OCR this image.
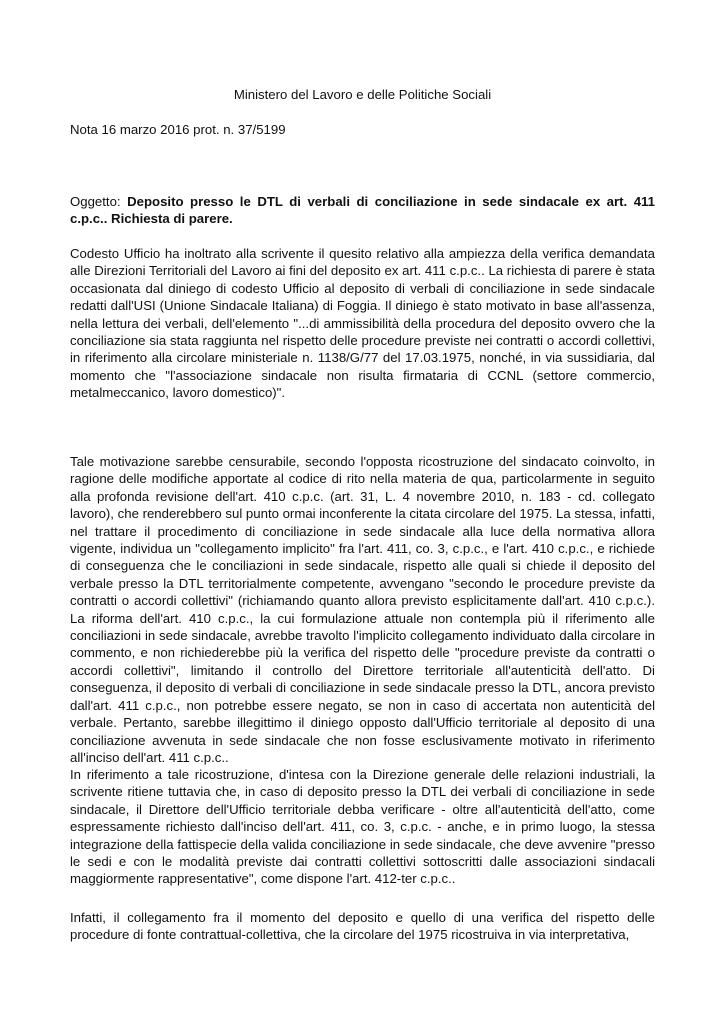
Ministero del Lavoro e delle Politiche Sociali
Nota 16 marzo 2016 prot. n. 37/5199
Oggetto: Deposito presso le DTL di verbali di conciliazione in sede sindacale ex art. 411 c.p.c.. Richiesta di parere.

Codesto Ufficio ha inoltrato alla scrivente il quesito relativo alla ampiezza della verifica demandata alle Direzioni Territoriali del Lavoro ai fini del deposito ex art. 411 c.p.c.. La richiesta di parere è stata occasionata dal diniego di codesto Ufficio al deposito di verbali di conciliazione in sede sindacale redatti dall'USI (Unione Sindacale Italiana) di Foggia. Il diniego è stato motivato in base all'assenza, nella lettura dei verbali, dell'elemento "...di ammissibilità della procedura del deposito ovvero che la conciliazione sia stata raggiunta nel rispetto delle procedure previste nei contratti o accordi collettivi, in riferimento alla circolare ministeriale n. 1138/G/77 del 17.03.1975, nonché, in via sussidiaria, dal momento che "l'associazione sindacale non risulta firmataria di CCNL (settore commercio, metalmeccanico, lavoro domestico)".

Tale motivazione sarebbe censurabile, secondo l'opposta ricostruzione del sindacato coinvolto, in ragione delle modifiche apportate al codice di rito nella materia de qua, particolarmente in seguito alla profonda revisione dell'art. 410 c.p.c. (art. 31, L. 4 novembre 2010, n. 183 - cd. collegato lavoro), che renderebbero sul punto ormai inconferente la citata circolare del 1975. La stessa, infatti, nel trattare il procedimento di conciliazione in sede sindacale alla luce della normativa allora vigente, individua un "collegamento implicito" fra l'art. 411, co. 3, c.p.c., e l'art. 410 c.p.c., e richiede di conseguenza che le conciliazioni in sede sindacale, rispetto alle quali si chiede il deposito del verbale presso la DTL territorialmente competente, avvengano "secondo le procedure previste da contratti o accordi collettivi" (richiamando quanto allora previsto esplicitamente dall'art. 410 c.p.c.). La riforma dell'art. 410 c.p.c., la cui formulazione attuale non contempla più il riferimento alle conciliazioni in sede sindacale, avrebbe travolto l'implicito collegamento individuato dalla circolare in commento, e non richiederebbe più la verifica del rispetto delle "procedure previste da contratti o accordi collettivi", limitando il controllo del Direttore territoriale all'autenticità dell'atto. Di conseguenza, il deposito di verbali di conciliazione in sede sindacale presso la DTL, ancora previsto dall'art. 411 c.p.c., non potrebbe essere negato, se non in caso di accertata non autenticità del verbale. Pertanto, sarebbe illegittimo il diniego opposto dall'Ufficio territoriale al deposito di una conciliazione avvenuta in sede sindacale che non fosse esclusivamente motivato in riferimento all'inciso dell'art. 411 c.p.c..

In riferimento a tale ricostruzione, d'intesa con la Direzione generale delle relazioni industriali, la scrivente ritiene tuttavia che, in caso di deposito presso la DTL dei verbali di conciliazione in sede sindacale, il Direttore dell'Ufficio territoriale debba verificare - oltre all'autenticità dell'atto, come espressamente richiesto dall'inciso dell'art. 411, co. 3, c.p.c. - anche, e in primo luogo, la stessa integrazione della fattispecie della valida conciliazione in sede sindacale, che deve avvenire "presso le sedi e con le modalità previste dai contratti collettivi sottoscritti dalle associazioni sindacali maggiormente rappresentative", come dispone l'art. 412-ter c.p.c..

Infatti, il collegamento fra il momento del deposito e quello di una verifica del rispetto delle procedure di fonte contrattual-collettiva, che la circolare del 1975 ricostruiva in via interpretativa,
